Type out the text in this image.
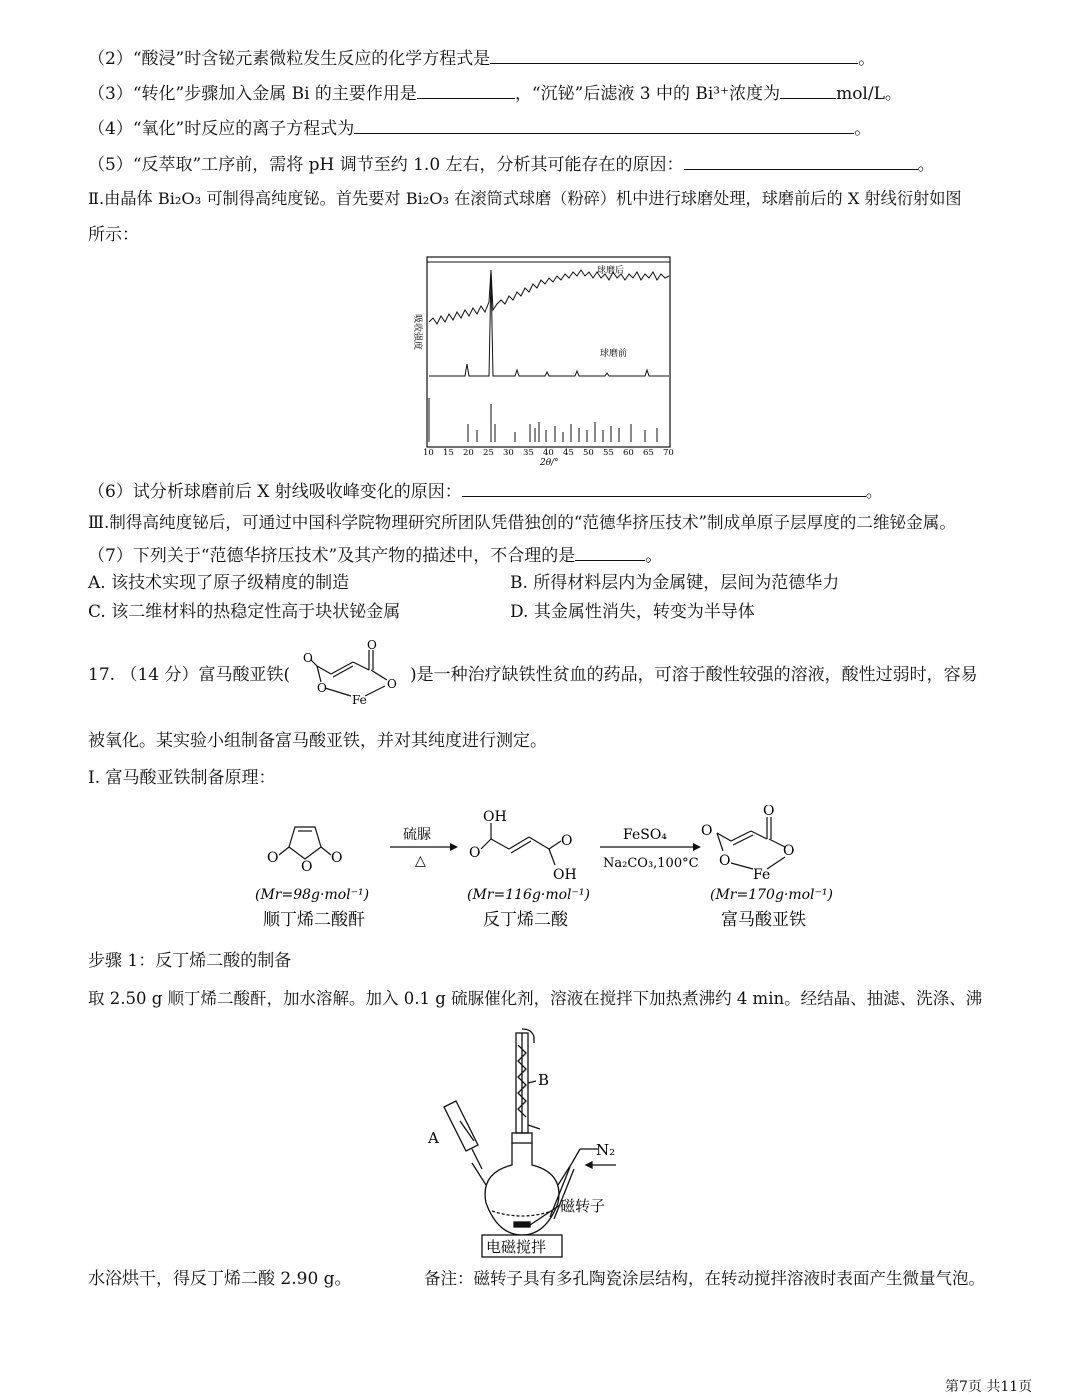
（2）“酸浸”时含铋元素微粒发生反应的化学方程式是	。
（3）“转化”步骤加入金属 Bi 的主要作用是	，“沉铋”后滤液 3 中的 Bi³⁺浓度为	mol/L。
（4）“氧化”时反应的离子方程式为	。
（5）“反萃取”工序前，需将 pH 调节至约 1.0 左右，分析其可能存在的原因：	。
Ⅱ.由晶体 Bi₂O₃ 可制得高纯度铋。首先要对 Bi₂O₃ 在滚筒式球磨（粉碎）机中进行球磨处理，球磨前后的 X 射线衍射如图
所示：
球磨后
吸收强度
球磨前
10 15 20 25 30 35 40 45 50 55 60 65 70
2θ/°
（6）试分析球磨前后 X 射线吸收峰变化的原因：	。
Ⅲ.制得高纯度铋后，可通过中国科学院物理研究所团队凭借独创的“范德华挤压技术”制成单原子层厚度的二维铋金属。
（7）下列关于“范德华挤压技术”及其产物的描述中，不合理的是	。
A. 该技术实现了原子级精度的制造	B. 所得材料层内为金属键，层间为范德华力
C. 该二维材料的热稳定性高于块状铋金属	D. 其金属性消失，转变为半导体
17. （14 分）富马酸亚铁(
O
O
O	O
Fe
)是一种治疗缺铁性贫血的药品，可溶于酸性较强的溶液，酸性过弱时，容易
被氧化。某实验小组制备富马酸亚铁，并对其纯度进行测定。
I. 富马酸亚铁制备原理：
O
O
O
硫脲
△
OH
O
O
OH
FeSO₄
Na₂CO₃,100°C
O
O
O
O
Fe
(Mr=98g·mol⁻¹)	(Mr=116g·mol⁻¹)	(Mr=170g·mol⁻¹)
顺丁烯二酸酐	反丁烯二酸	富马酸亚铁
步骤 1：反丁烯二酸的制备
取 2.50 g 顺丁烯二酸酐，加水溶解。加入 0.1 g 硫脲催化剂，溶液在搅拌下加热煮沸约 4 min。经结晶、抽滤、洗涤、沸
A
B
N₂
磁转子
电磁搅拌
水浴烘干，得反丁烯二酸 2.90 g。	备注：磁转子具有多孔陶瓷涂层结构，在转动搅拌溶液时表面产生微量气泡。
第7页 共11页
